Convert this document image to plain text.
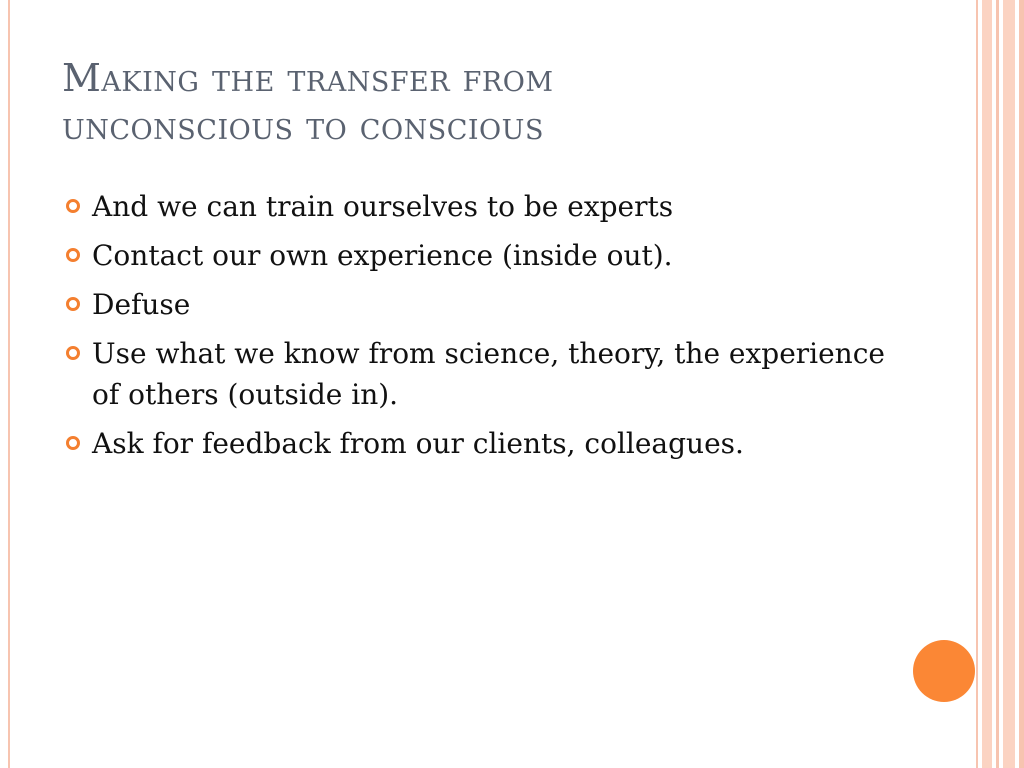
Making the transfer from
unconscious to conscious
And we can train ourselves to be experts
Contact our own experience (inside out).
Defuse
Use what we know from science, theory, the experience of others (outside in).
Ask for feedback from our clients, colleagues.
